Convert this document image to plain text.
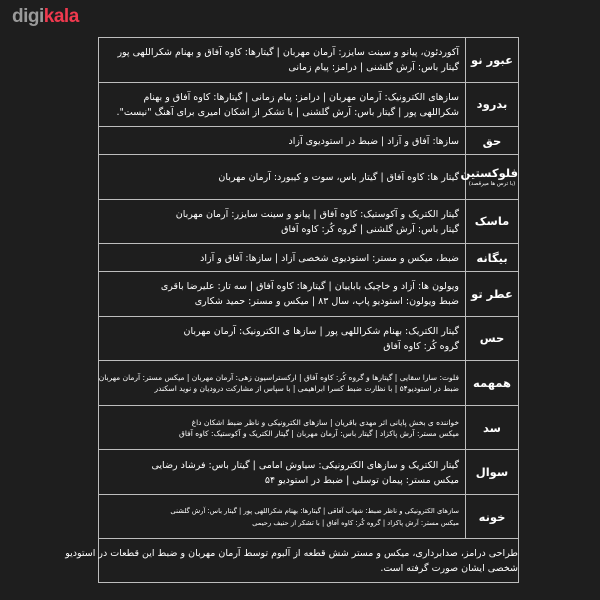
digikala
عبور نو	آکوردئون، پیانو و سینت سایزر: آرمان مهربان | گیتارها: کاوه آفاق و بهنام شکراللهی پور
گیتار باس: آرش گلشنی | درامز: پیام زمانی

بدرود	سازهای الکترونیک: آرمان مهربان | درامز: پیام زمانی | گیتارها: کاوه آفاق و بهنام
شکراللهی پور | گیتار باس: آرش گلشنی | با تشکر از اشکان امیری برای آهنگ "نیست".

حق	سازها: آفاق و آزاد | ضبط در استودیوی آزاد

فلوکستین
(با ترس ها میرقصد)	گیتار ها: کاوه آفاق | گیتار باس، سوت و کیبورد: آرمان مهربان

ماسک	گیتار الکتریک و آکوستیک: کاوه آفاق | پیانو و سینت سایزر: آرمان مهربان
گیتار باس: آرش گلشنی | گروه کُر: کاوه آفاق

بیگانه	ضبط، میکس و مستر: استودیوی شخصی آزاد | سازها: آفاق و آزاد

عطر تو	ویولون ها: آزاد و خاچیک باباییان | گیتارها: کاوه آفاق | سه تار: علیرضا باقری
ضبط ویولون: استودیو پاپ، سال ۸۳ | میکس و مستر: حمید شکاری

حس	گیتار الکتریک: بهنام شکراللهی پور | سازها ی الکترونیک: آرمان مهربان
گروه کُر: کاوه آفاق

همهمه	فلوت: سارا سقایی | گیتارها و گروه کُر: کاوه آفاق | ارکستراسیون زهی: آرمان مهربان | میکس مستر: آرمان مهربان
ضبط در استودیو۵۴ | با نظارت ضبط کسرا ابراهیمی | با سپاس از مشارکت درودیان و نوید اسکندر

سد	خواننده ی بخش پایانی اثر مهدی باقریان | سازهای الکترونیکی و ناظر ضبط اشکان داغ
میکس مستر: آرش پاکزاد | گیتار باس: آرمان مهربان | گیتار الکتریک و آکوستیک: کاوه آفاق

سوال	گیتار الکتریک و سازهای الکترونیکی: سیاوش امامی | گیتار باس: فرشاد رضایی
میکس مستر: پیمان توسلی | ضبط در استودیو ۵۴

خونه	سازهای الکترونیکی و ناظر ضبط: شهاب آفاقی | گیتارها: بهنام شکراللهی پور | گیتار باس: آرش گلشنی
میکس مستر: آرش پاکزاد | گروه کُر: کاوه آفاق | با تشکر از حنیف رحیمی

طراحی درامز، صدابرداری، میکس و مستر شش قطعه از آلبوم توسط آرمان مهربان و ضبط این قطعات در استودیو
شخصی ایشان صورت گرفته است.	
